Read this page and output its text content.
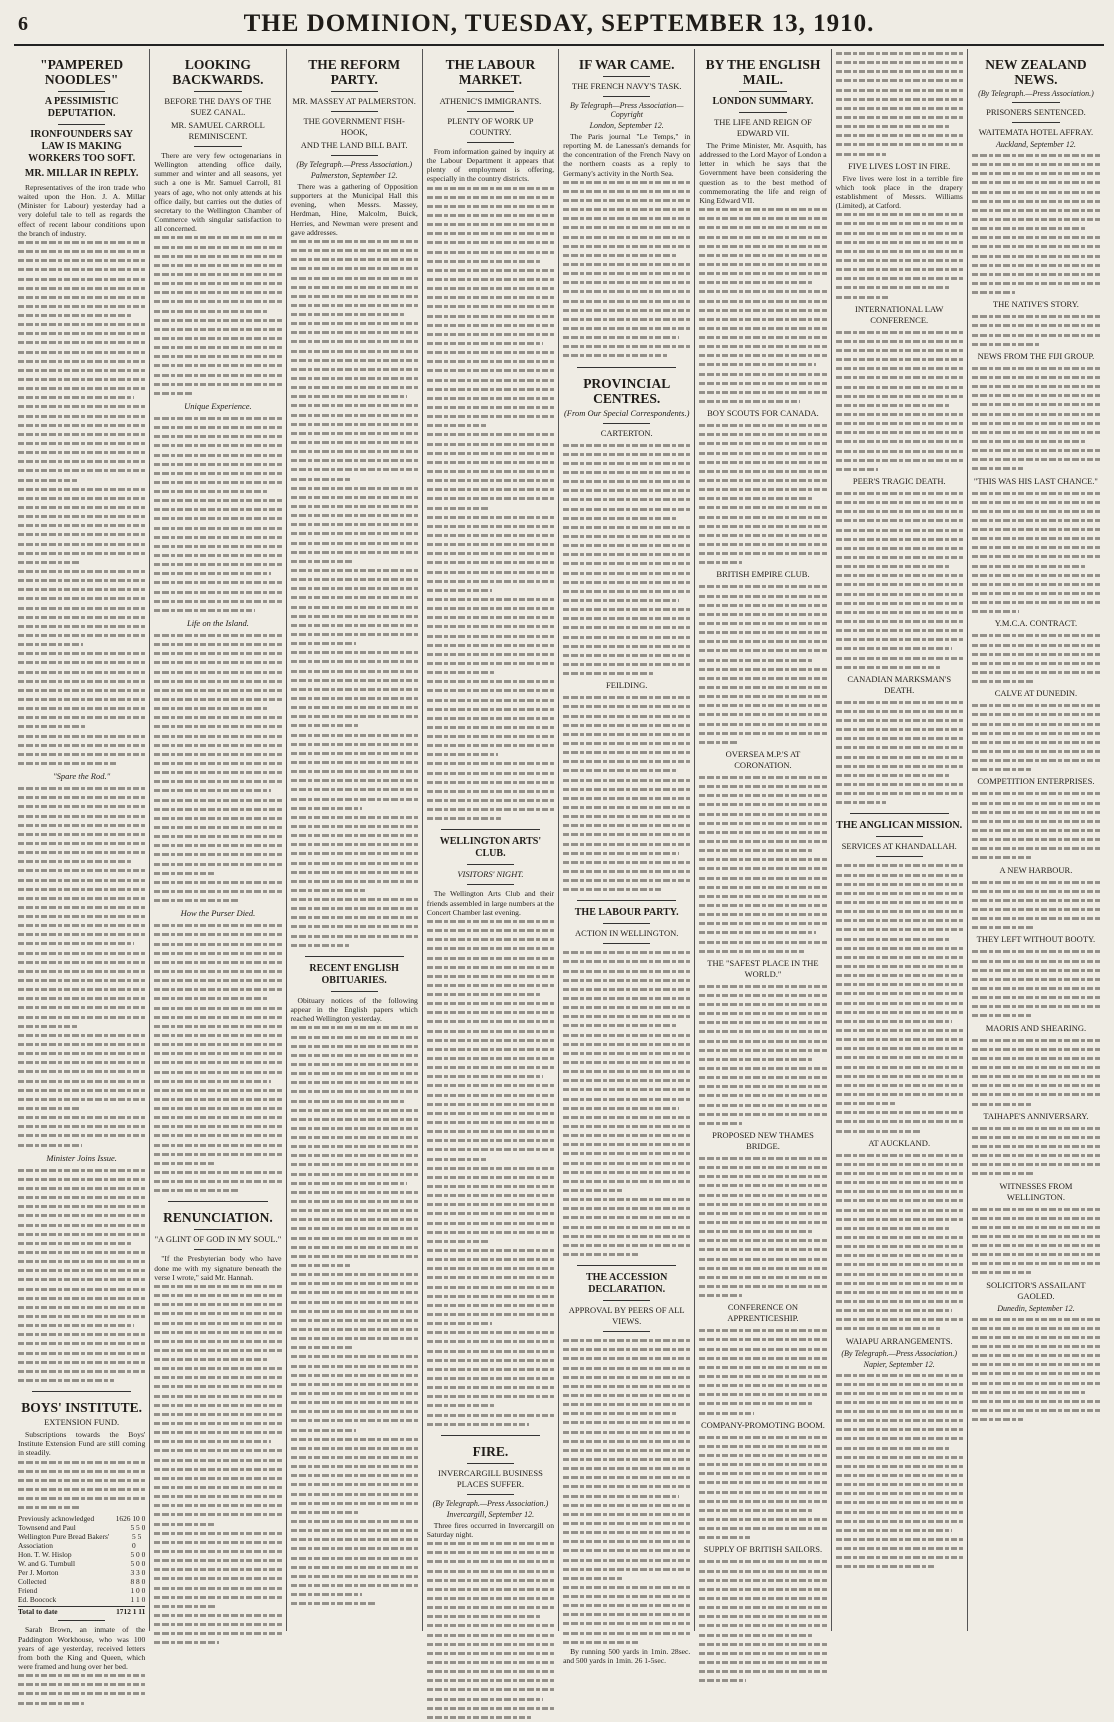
6	THE DOMINION, TUESDAY, SEPTEMBER 13, 1910.
"PAMPERED NOODLES"
A PESSIMISTIC DEPUTATION.
IRONFOUNDERS SAY LAW IS MAKING WORKERS TOO SOFT.
MR. MILLAR IN REPLY.

Representatives of the iron trade who waited upon the Hon. J. A. Millar (Minister for Labour) yesterday had a very doleful tale to tell as regards the effect of recent labour conditions upon the branch of industry.

"Spare the Rod."
Minister Joins Issue.
BOYS' INSTITUTE.
EXTENSION FUND.

Subscriptions towards the Boys' Institute Extension Fund are still coming in steadily.

Previously acknowledged	1626 10 0
Townsend and Paul	5 5 0
Wellington Pure Bread Bakers' Association
5 5 0
Hon. T. W. Hislop	5 0 0
W. and G. Turnbull	5 0 0
Per J. Morton	3 3 0
Collected	8 8 0
Friend	1 0 0
Ed. Boocock	1 1 0
Total to date	1712 1 11

Sarah Brown, an inmate of the Paddington Workhouse, who was 100 years of age yesterday, received letters from both the King and Queen, which were framed and hung over her bed.

LOOKING BACKWARDS.
BEFORE THE DAYS OF THE SUEZ CANAL.
MR. SAMUEL CARROLL REMINISCENT.

There are very few octogenarians in Wellington attending office daily, summer and winter and all seasons, yet such a one is Mr. Samuel Carroll, 81 years of age, who not only attends at his office daily, but carries out the duties of secretary to the Wellington Chamber of Commerce with singular satisfaction to all concerned.

Unique Experience.
Life on the Island.
How the Purser Died.
RENUNCIATION.
"A GLINT OF GOD IN MY SOUL."

"If the Presbyterian body who have done me with my signature beneath the verse I wrote," said Mr. Hannah.

THE REFORM PARTY.
MR. MASSEY AT PALMERSTON.
THE GOVERNMENT FISH-HOOK,
AND THE LAND BILL BAIT.
(By Telegraph.—Press Association.)
Palmerston, September 12.

There was a gathering of Opposition supporters at the Municipal Hall this evening, when Messrs. Massey, Herdman, Hine, Malcolm, Buick, Herries, and Newman were present and gave addresses.

RECENT ENGLISH OBITUARIES.

Obituary notices of the following appear in the English papers which reached Wellington yesterday.

THE LABOUR MARKET.
ATHENIC'S IMMIGRANTS.
PLENTY OF WORK UP COUNTRY.

From information gained by inquiry at the Labour Department it appears that plenty of employment is offering, especially in the country districts.

WELLINGTON ARTS' CLUB.
VISITORS' NIGHT.

The Wellington Arts Club and their friends assembled in large numbers at the Concert Chamber last evening.

FIRE.
INVERCARGILL BUSINESS PLACES SUFFER.
(By Telegraph.—Press Association.)
Invercargill, September 12.

Three fires occurred in Invercargill on Saturday night.

IF WAR CAME.
THE FRENCH NAVY'S TASK.
By Telegraph—Press Association—Copyright
London, September 12.

The Paris journal "Le Temps," in reporting M. de Lanessan's demands for the concentration of the French Navy on the northern coasts as a reply to Germany's activity in the North Sea.

PROVINCIAL CENTRES.
(From Our Special Correspondents.)
CARTERTON.
FEILDING.
THE LABOUR PARTY.
ACTION IN WELLINGTON.
THE ACCESSION DECLARATION.
APPROVAL BY PEERS OF ALL VIEWS.

By running 500 yards in 1min. 28sec. and 500 yards in 1min. 26 1-5sec.

BY THE ENGLISH MAIL.
LONDON SUMMARY.
THE LIFE AND REIGN OF EDWARD VII.

The Prime Minister, Mr. Asquith, has addressed to the Lord Mayor of London a letter in which he says that the Government have been considering the question as to the best method of commemorating the life and reign of King Edward VII.

BOY SCOUTS FOR CANADA.
BRITISH EMPIRE CLUB.
OVERSEA M.P.'S AT CORONATION.
THE "SAFEST PLACE IN THE WORLD."
PROPOSED NEW THAMES BRIDGE.
CONFERENCE ON APPRENTICESHIP.
COMPANY-PROMOTING BOOM.
SUPPLY OF BRITISH SAILORS.
FIVE LIVES LOST IN FIRE.

Five lives were lost in a terrible fire which took place in the drapery establishment of Messrs. Williams (Limited), at Catford.

INTERNATIONAL LAW CONFERENCE.
PEER'S TRAGIC DEATH.
CANADIAN MARKSMAN'S DEATH.
THE ANGLICAN MISSION.
SERVICES AT KHANDALLAH.
AT AUCKLAND.
WAIAPU ARRANGEMENTS.
(By Telegraph.—Press Association.)
Napier, September 12.
NEW ZEALAND NEWS.
(By Telegraph.—Press Association.)
PRISONERS SENTENCED.
WAITEMATA HOTEL AFFRAY.
Auckland, September 12.
THE NATIVE'S STORY.
NEWS FROM THE FIJI GROUP.
"THIS WAS HIS LAST CHANCE."
Y.M.C.A. CONTRACT.
CALVE AT DUNEDIN.
COMPETITION ENTERPRISES.
A NEW HARBOUR.
THEY LEFT WITHOUT BOOTY.
MAORIS AND SHEARING.
TAIHAPE'S ANNIVERSARY.
WITNESSES FROM WELLINGTON.
SOLICITOR'S ASSAILANT GAOLED.
Dunedin, September 12.
